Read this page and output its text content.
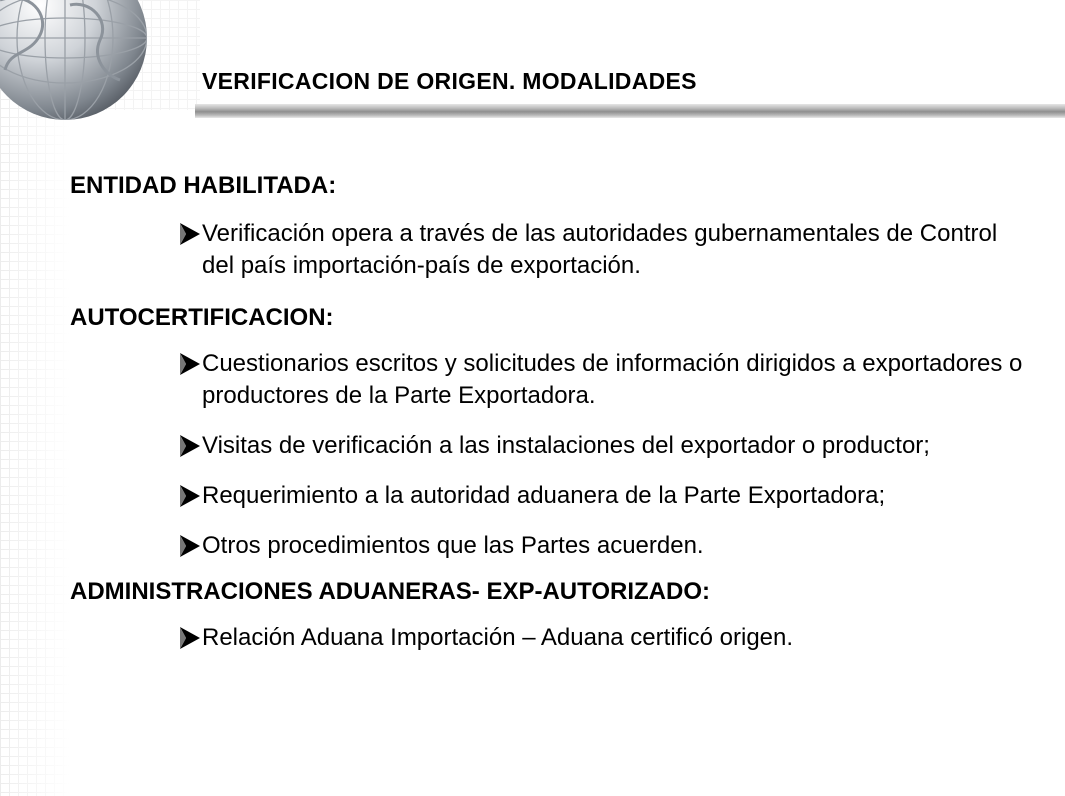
VERIFICACION DE ORIGEN. MODALIDADES

ENTIDAD HABILITADA:

Verificación opera a través de las autoridades gubernamentales de Control del país importación-país de exportación.

AUTOCERTIFICACION:

Cuestionarios escritos y solicitudes de información dirigidos a exportadores o productores de la Parte Exportadora.
Visitas de verificación a las instalaciones del exportador o productor;
Requerimiento a la autoridad aduanera de la Parte Exportadora;
Otros procedimientos que las Partes acuerden.

ADMINISTRACIONES ADUANERAS- EXP-AUTORIZADO:

Relación Aduana Importación – Aduana certificó origen.
